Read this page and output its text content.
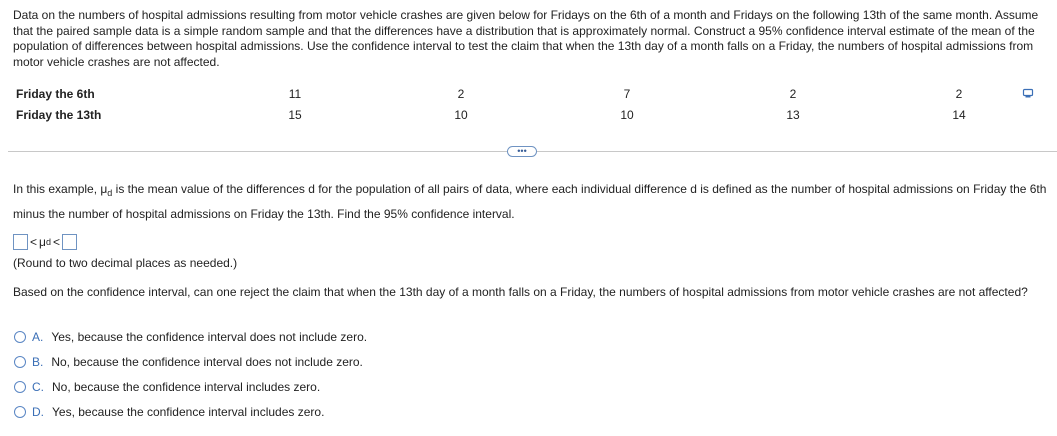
Data on the numbers of hospital admissions resulting from motor vehicle crashes are given below for Fridays on the 6th of a month and Fridays on the following 13th of the same month. Assume that the paired sample data is a simple random sample and that the differences have a distribution that is approximately normal. Construct a 95% confidence interval estimate of the mean of the population of differences between hospital admissions. Use the confidence interval to test the claim that when the 13th day of a month falls on a Friday, the numbers of hospital admissions from motor vehicle crashes are not affected.
Friday the 6th	11	2	7	2	2
Friday the 13th	15	10	10	13	14
•••
In this example, $\mu_d$ is the mean value of the differences d for the population of all pairs of data, where each individual difference d is defined as the number of hospital admissions on Friday the 6th minus the number of hospital admissions on Friday the 13th. Find the 95% confidence interval.
< μ d <
(Round to two decimal places as needed.)
Based on the confidence interval, can one reject the claim that when the 13th day of a month falls on a Friday, the numbers of hospital admissions from motor vehicle crashes are not affected?
A. Yes, because the confidence interval does not include zero.
B. No, because the confidence interval does not include zero.
C. No, because the confidence interval includes zero.
D. Yes, because the confidence interval includes zero.
